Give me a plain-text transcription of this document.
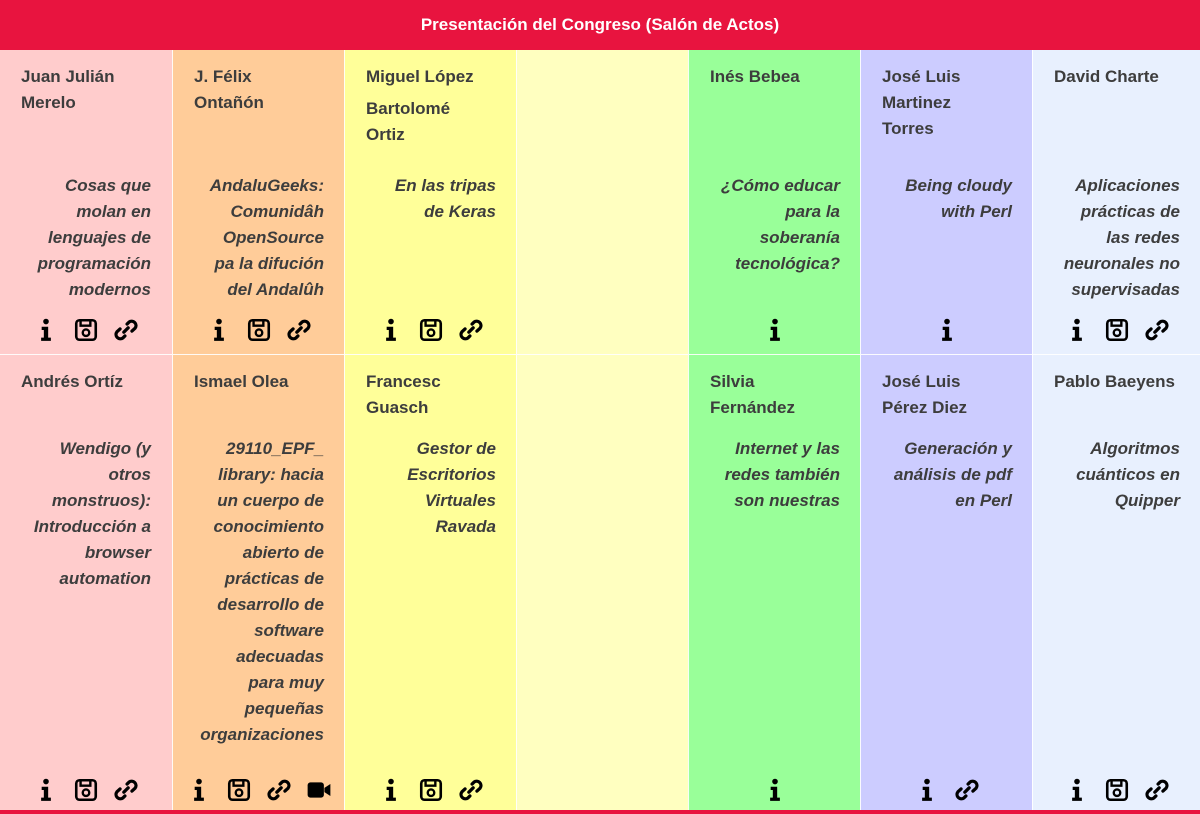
Presentación del Congreso (Salón de Actos)

Juan Julián
Merelo

Cosas que
molan en
lenguajes de
programación
modernos

Andrés Ortíz

Wendigo (y
otros
monstruos):
Introducción a
browser
automation

J. Félix
Ontañón

AndaluGeeks:
Comunidâh
OpenSource
pa la difución
del Andalûh

Ismael Olea

29110_EPF_
library: hacia
un cuerpo de
conocimiento
abierto de
prácticas de
desarrollo de
software
adecuadas
para muy
pequeñas
organizaciones

Miguel López

Bartolomé
Ortiz

En las tripas
de Keras

Francesc
Guasch

Gestor de
Escritorios
Virtuales
Ravada

Inés Bebea

¿Cómo educar
para la
soberanía
tecnológica?

Silvia
Fernández

Internet y las
redes también
son nuestras

José Luis
Martinez
Torres

Being cloudy
with Perl

José Luis
Pérez Diez

Generación y
análisis de pdf
en Perl

David Charte

Aplicaciones
prácticas de
las redes
neuronales no
supervisadas

Pablo Baeyens

Algoritmos
cuánticos en
Quipper
